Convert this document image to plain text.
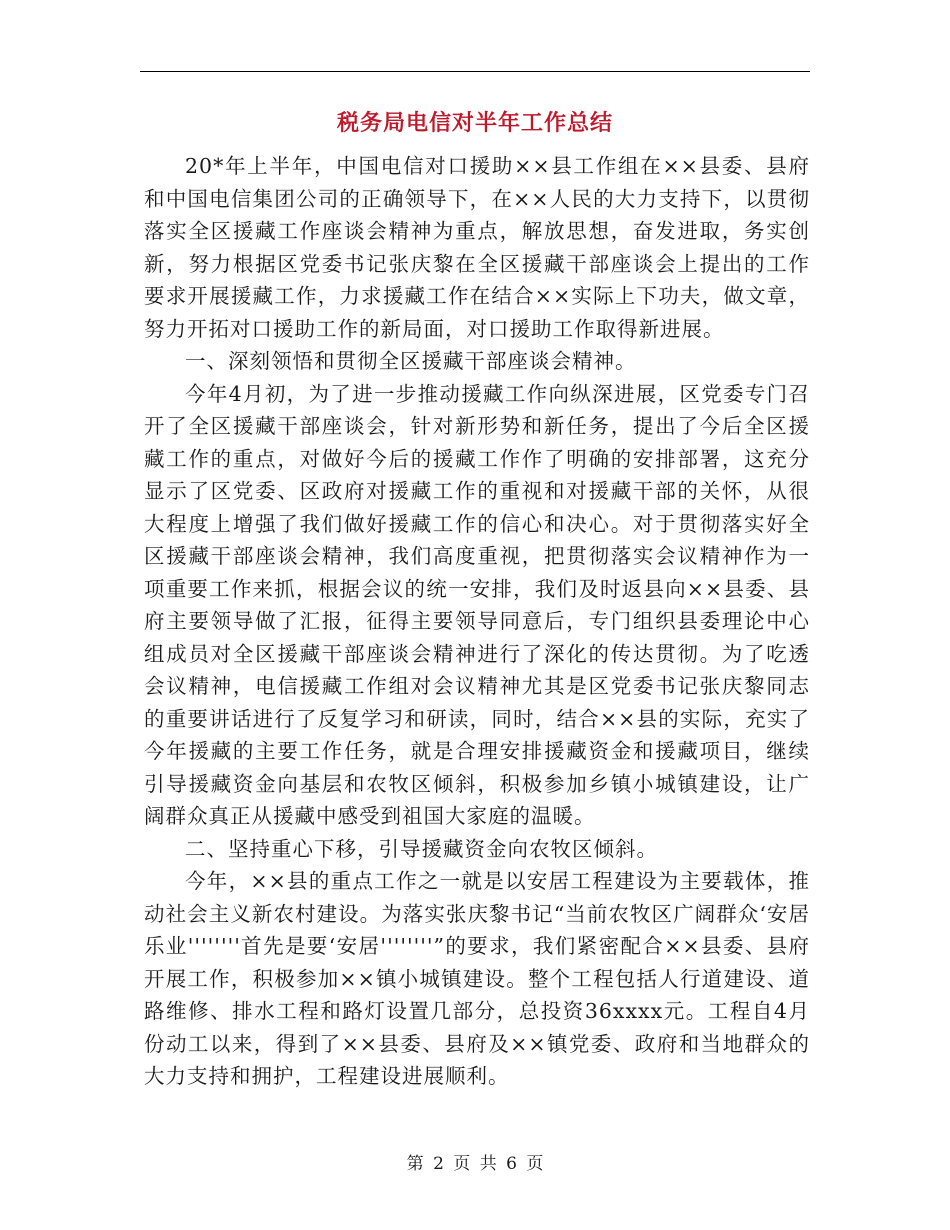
税务局电信对半年工作总结

20*年上半年，中国电信对口援助××县工作组在××县委、县府和中国电信集团公司的正确领导下，在××人民的大力支持下，以贯彻落实全区援藏工作座谈会精神为重点，解放思想，奋发进取，务实创新，努力根据区党委书记张庆黎在全区援藏干部座谈会上提出的工作要求开展援藏工作，力求援藏工作在结合××实际上下功夫，做文章，努力开拓对口援助工作的新局面，对口援助工作取得新进展。

一、深刻领悟和贯彻全区援藏干部座谈会精神。

今年4月初，为了进一步推动援藏工作向纵深进展，区党委专门召开了全区援藏干部座谈会，针对新形势和新任务，提出了今后全区援藏工作的重点，对做好今后的援藏工作作了明确的安排部署，这充分显示了区党委、区政府对援藏工作的重视和对援藏干部的关怀，从很大程度上增强了我们做好援藏工作的信心和决心。对于贯彻落实好全区援藏干部座谈会精神，我们高度重视，把贯彻落实会议精神作为一项重要工作来抓，根据会议的统一安排，我们及时返县向××县委、县府主要领导做了汇报，征得主要领导同意后，专门组织县委理论中心组成员对全区援藏干部座谈会精神进行了深化的传达贯彻。为了吃透会议精神，电信援藏工作组对会议精神尤其是区党委书记张庆黎同志的重要讲话进行了反复学习和研读，同时，结合××县的实际，充实了今年援藏的主要工作任务，就是合理安排援藏资金和援藏项目，继续引导援藏资金向基层和农牧区倾斜，积极参加乡镇小城镇建设，让广阔群众真正从援藏中感受到祖国大家庭的温暖。

二、坚持重心下移，引导援藏资金向农牧区倾斜。

今年，××县的重点工作之一就是以安居工程建设为主要载体，推动社会主义新农村建设。为落实张庆黎书记“当前农牧区广阔群众‘安居乐业''''''''首先是要‘安居''''''''”的要求，我们紧密配合××县委、县府开展工作，积极参加××镇小城镇建设。整个工程包括人行道建设、道路维修、排水工程和路灯设置几部分，总投资36xxxx元。工程自4月份动工以来，得到了××县委、县府及××镇党委、政府和当地群众的大力支持和拥护，工程建设进展顺利。

第 2 页 共 6 页
